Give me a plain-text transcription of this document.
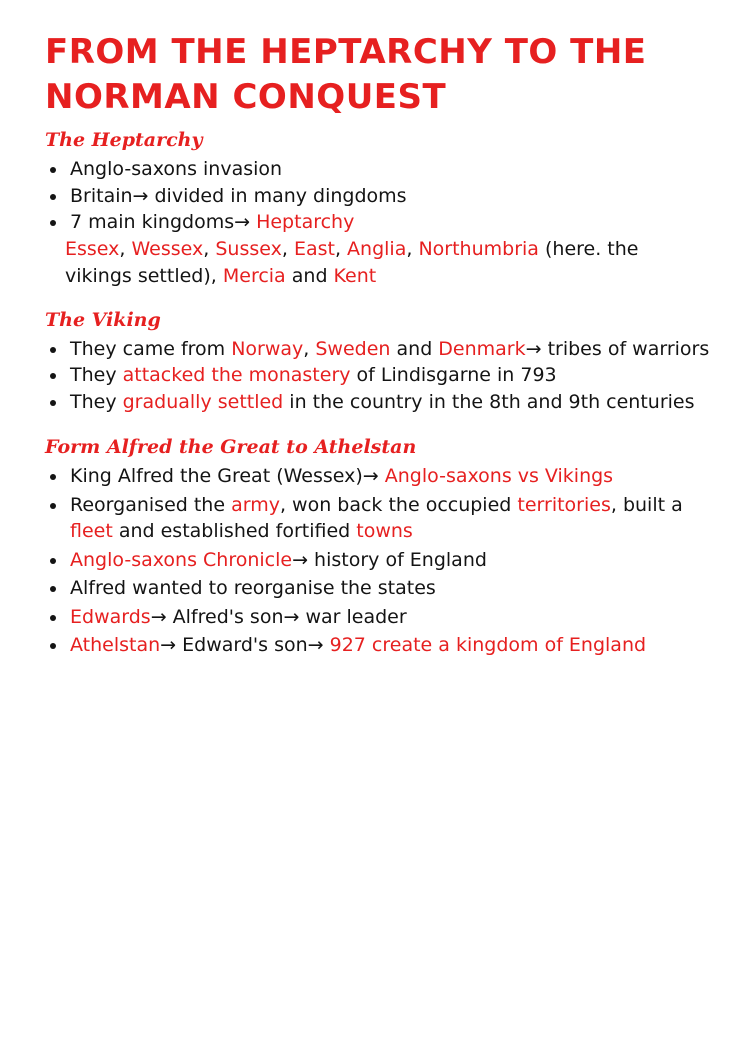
FROM THE HEPTARCHY TO THE
NORMAN CONQUEST
The Heptarchy
Anglo-saxons invasion
Britain→ divided in many dingdoms
7 main kingdoms→ Heptarchy

Essex, Wessex, Sussex, East, Anglia, Northumbria (here. the vikings settled), Mercia and Kent

The Viking
They came from Norway, Sweden and Denmark→ tribes of warriors
They attacked the monastery of Lindisgarne in 793
They gradually settled in the country in the 8th and 9th centuries
Form Alfred the Great to Athelstan
King Alfred the Great (Wessex)→ Anglo-saxons vs Vikings
Reorganised the army, won back the occupied territories, built a fleet and established fortified towns
Anglo-saxons Chronicle→ history of England
Alfred wanted to reorganise the states
Edwards→ Alfred's son→ war leader
Athelstan→ Edward's son→ 927 create a kingdom of England
